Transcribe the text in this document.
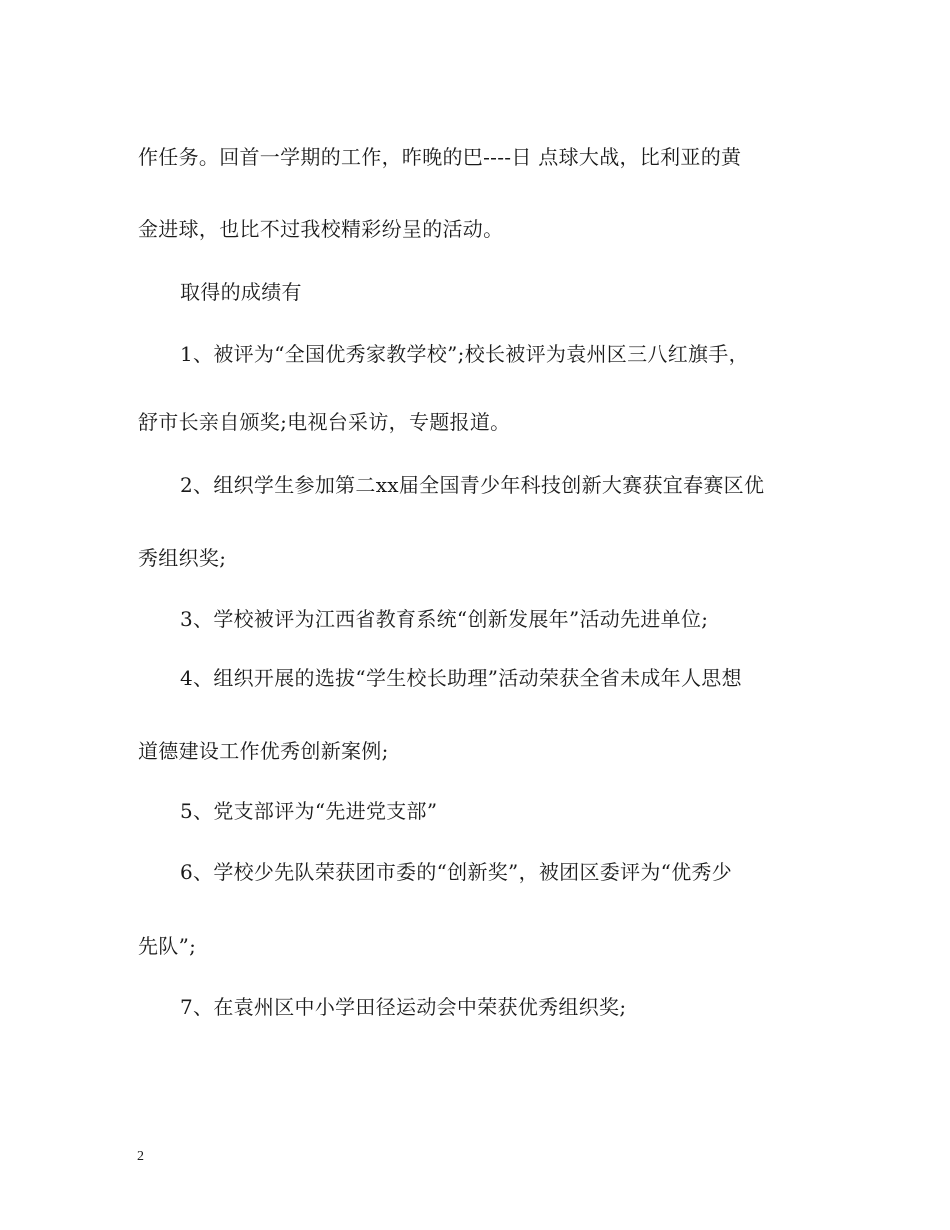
作任务。回首一学期的工作，昨晚的巴----日 点球大战，比利亚的黄
金进球，也比不过我校精彩纷呈的活动。
取得的成绩有
1、被评为“全国优秀家教学校”;校长被评为袁州区三八红旗手，
舒市长亲自颁奖;电视台采访，专题报道。
2、组织学生参加第二xx届全国青少年科技创新大赛获宜春赛区优
秀组织奖;
3、学校被评为江西省教育系统“创新发展年”活动先进单位;
4、组织开展的选拔“学生校长助理”活动荣获全省未成年人思想
道德建设工作优秀创新案例;
5、党支部评为“先进党支部”
6、学校少先队荣获团市委的“创新奖”，被团区委评为“优秀少
先队”;
7、在袁州区中小学田径运动会中荣获优秀组织奖;
2
